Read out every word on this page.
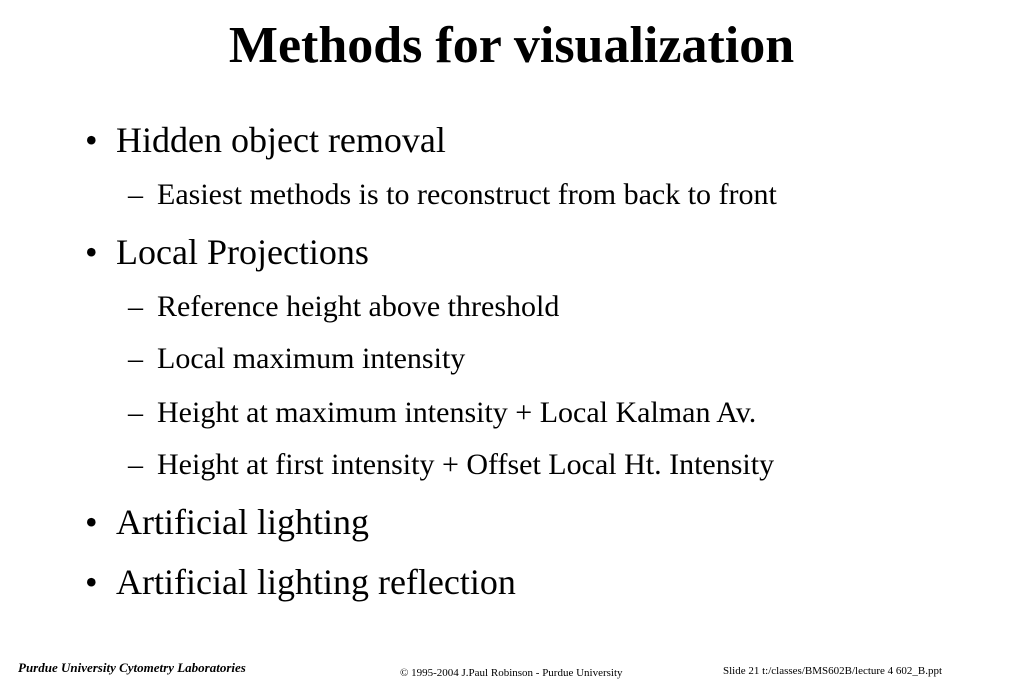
Methods for visualization
• Hidden object removal
– Easiest methods is to reconstruct from back to front
• Local Projections
– Reference height above threshold
– Local maximum intensity
– Height at maximum intensity + Local Kalman Av.
– Height at first intensity + Offset Local Ht. Intensity
• Artificial lighting
• Artificial lighting reflection
Purdue University Cytometry Laboratories	© 1995-2004 J.Paul Robinson - Purdue University	Slide 21 t:/classes/BMS602B/lecture 4 602_B.ppt
